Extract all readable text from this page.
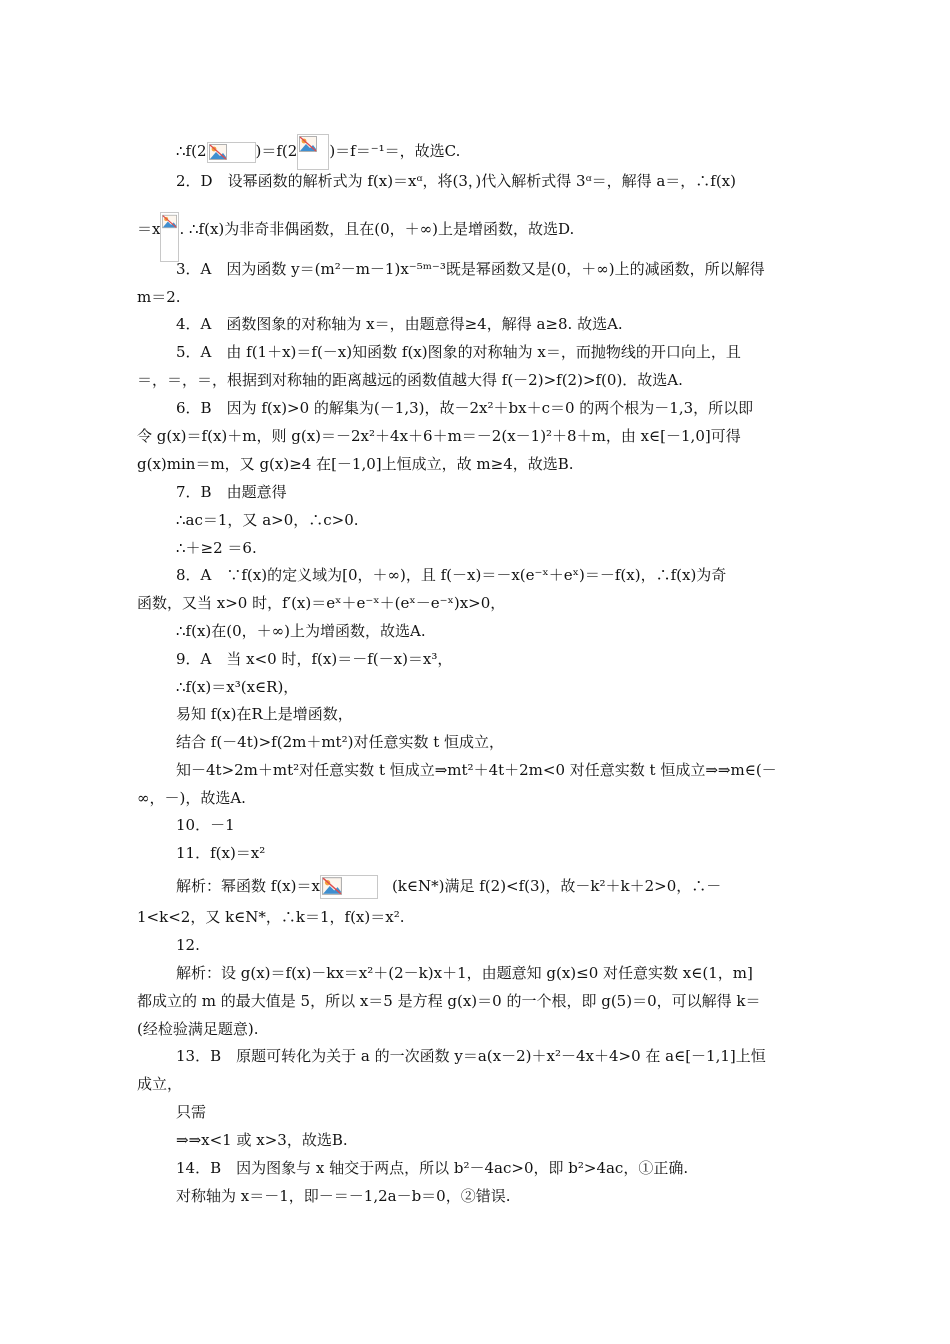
∴f(2	)＝f(2 )＝f＝⁻¹＝，故选C.
2．D　设幂函数的解析式为 f(x)＝xᵅ，将(3，)代入解析式得 3ᵅ＝，解得 a＝，∴f(x)
＝x . ∴f(x)为非奇非偶函数，且在(0，＋∞)上是增函数，故选D.
3．A　因为函数 y＝(m²－m－1)x⁻⁵ᵐ⁻³既是幂函数又是(0，＋∞)上的减函数，所以解得
m＝2.
4．A　函数图象的对称轴为 x＝，由题意得≥4，解得 a≥8. 故选A.
5．A　由 f(1＋x)＝f(－x)知函数 f(x)图象的对称轴为 x＝，而抛物线的开口向上，且
＝，＝，＝，根据到对称轴的距离越远的函数值越大得 f(－2)>f(2)>f(0)．故选A.
6．B　因为 f(x)>0 的解集为(－1,3)，故－2x²＋bx＋c＝0 的两个根为－1,3，所以即
令 g(x)＝f(x)＋m，则 g(x)＝－2x²＋4x＋6＋m＝－2(x－1)²＋8＋m，由 x∈[－1,0]可得
g(x)min＝m，又 g(x)≥4 在[－1,0]上恒成立，故 m≥4，故选B.
7．B　由题意得
∴ac＝1，又 a>0，∴c>0.
∴＋≥2 ＝6.
8．A　∵f(x)的定义域为[0，＋∞)，且 f(－x)＝－x(e⁻ˣ＋eˣ)＝－f(x)，∴f(x)为奇
函数，又当 x>0 时，f′(x)＝eˣ＋e⁻ˣ＋(eˣ－e⁻ˣ)x>0，
∴f(x)在(0，＋∞)上为增函数，故选A.
9．A　当 x<0 时，f(x)＝－f(－x)＝x³，
∴f(x)＝x³(x∈R)，
易知 f(x)在R上是增函数，
结合 f(－4t)>f(2m＋mt²)对任意实数 t 恒成立，
知－4t>2m＋mt²对任意实数 t 恒成立⇒mt²＋4t＋2m<0 对任意实数 t 恒成立⇒⇒m∈(－
∞，－)，故选A.
10．－1
11．f(x)＝x²
解析：幂函数 f(x)＝x	(k∈N*)满足 f(2)<f(3)，故－k²＋k＋2>0，∴－
1<k<2，又 k∈N*，∴k＝1，f(x)＝x².
12.
解析：设 g(x)＝f(x)－kx＝x²＋(2－k)x＋1，由题意知 g(x)≤0 对任意实数 x∈(1，m]
都成立的 m 的最大值是 5，所以 x＝5 是方程 g(x)＝0 的一个根，即 g(5)＝0，可以解得 k＝
(经检验满足题意).
13．B　原题可转化为关于 a 的一次函数 y＝a(x－2)＋x²－4x＋4>0 在 a∈[－1,1]上恒
成立，
只需
⇒⇒x<1 或 x>3，故选B.
14．B　因为图象与 x 轴交于两点，所以 b²－4ac>0，即 b²>4ac，①正确.
对称轴为 x＝－1，即－＝－1,2a－b＝0，②错误.
